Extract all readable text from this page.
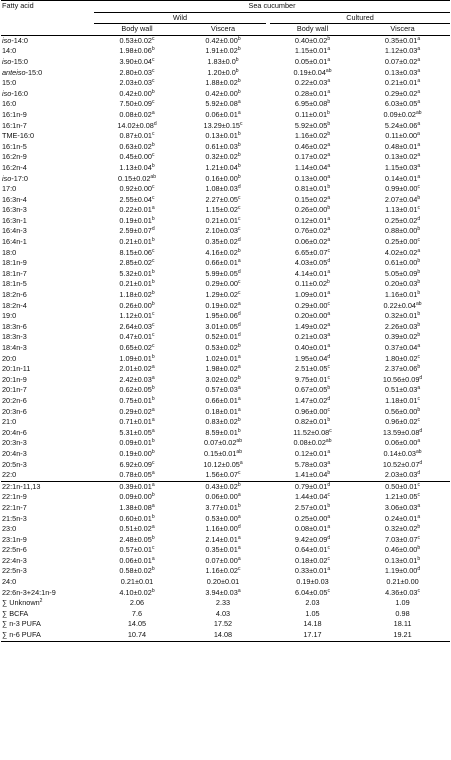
Fatty acid	Sea cucumber				
	Wild			Cultured	
	Body wall	Viscera		Body wall	Viscera
iso-14:0	0.53±0.02$^c$	0.42±0.00$^b$		0.40±0.02$^b$	0.35±0.01$^a$
14:0	1.98±0.06$^b$	1.91±0.02$^b$		1.15±0.01$^a$	1.12±0.03$^a$
iso-15:0	3.90±0.04$^c$	1.83±0.0$^b$		0.05±0.01$^a$	0.07±0.02$^a$
anteiso-15:0	2.80±0.03$^c$	1.20±0.0$^b$		0.19±0.04$^{ab}$	0.13±0.03$^a$
15:0	2.03±0.03$^c$	1.88±0.02$^b$		0.22±0.03$^a$	0.21±0.01$^a$
iso-16:0	0.42±0.00$^b$	0.42±0.00$^b$		0.28±0.01$^a$	0.29±0.02$^a$
16:0	7.50±0.09$^c$	5.92±0.08$^a$		6.95±0.08$^b$	6.03±0.05$^a$
16:1n-9	0.08±0.02$^a$	0.06±0.01$^a$		0.11±0.01$^b$	0.09±0.02$^{ab}$
16:1n-7	14.02±0.08$^d$	13.29±0.15$^c$		5.92±0.05$^b$	5.24±0.06$^a$
TME-16:0	0.87±0.01$^c$	0.13±0.01$^b$		1.16±0.02$^b$	0.11±0.00$^a$
16:1n-5	0.63±0.02$^b$	0.61±0.03$^b$		0.46±0.02$^a$	0.48±0.01$^a$
16:2n-9	0.45±0.00$^c$	0.32±0.02$^b$		0.17±0.02$^a$	0.13±0.02$^a$
16:2n-4	1.13±0.04$^b$	1.21±0.04$^b$		1.14±0.04$^a$	1.15±0.03$^a$
iso-17:0	0.15±0.02$^{ab}$	0.16±0.00$^b$		0.13±0.00$^a$	0.14±0.01$^a$
17:0	0.92±0.00$^c$	1.08±0.03$^d$		0.81±0.01$^b$	0.99±0.00$^c$
16:3n-4	2.55±0.04$^c$	2.27±0.05$^c$		0.15±0.02$^a$	2.07±0.04$^b$
16:3n-3	0.22±0.01$^a$	1.15±0.02$^c$		0.26±0.00$^b$	1.13±0.01$^c$
16:3n-1	0.19±0.01$^b$	0.21±0.01$^c$		0.12±0.01$^a$	0.25±0.02$^d$
16:4n-3	2.59±0.07$^d$	2.10±0.03$^c$		0.76±0.02$^a$	0.88±0.00$^b$
16:4n-1	0.21±0.01$^b$	0.35±0.02$^d$		0.06±0.02$^a$	0.25±0.00$^c$
18:0	8.15±0.06$^c$	4.16±0.02$^b$		6.65±0.07$^c$	4.02±0.02$^a$
18:1n-9	2.85±0.02$^c$	0.66±0.01$^a$		4.03±0.05$^d$	0.61±0.00$^b$
18:1n-7	5.32±0.01$^b$	5.99±0.05$^d$		4.14±0.01$^a$	5.05±0.09$^b$
18:1n-5	0.21±0.01$^b$	0.29±0.00$^c$		0.11±0.02$^b$	0.20±0.03$^b$
18:2n-6	1.18±0.02$^b$	1.29±0.02$^c$		1.09±0.01$^a$	1.16±0.01$^b$
18:2n-4	0.26±0.00$^b$	0.19±0.02$^a$		0.29±0.00$^c$	0.22±0.04$^{ab}$
19:0	1.12±0.01$^c$	1.95±0.06$^d$		0.20±0.00$^a$	0.32±0.01$^b$
18:3n-6	2.64±0.03$^c$	3.01±0.05$^d$		1.49±0.02$^a$	2.26±0.03$^b$
18:3n-3	0.47±0.01$^c$	0.52±0.01$^d$		0.21±0.03$^a$	0.39±0.02$^b$
18:4n-3	0.65±0.02$^c$	0.53±0.02$^b$		0.40±0.01$^a$	0.37±0.04$^a$
20:0	1.09±0.01$^b$	1.02±0.01$^a$		1.95±0.04$^d$	1.80±0.02$^c$
20:1n-11	2.01±0.02$^a$	1.98±0.02$^a$		2.51±0.05$^c$	2.37±0.06$^b$
20:1n-9	2.42±0.03$^a$	3.02±0.02$^b$		9.75±0.01$^c$	10.56±0.09$^d$
20:1n-7	0.62±0.05$^b$	0.57±0.03$^a$		0.67±0.05$^b$	0.51±0.03$^a$
20:2n-6	0.75±0.01$^b$	0.66±0.01$^a$		1.47±0.02$^d$	1.18±0.01$^c$
20:3n-6	0.29±0.02$^a$	0.18±0.01$^a$		0.96±0.00$^c$	0.56±0.00$^b$
21:0	0.71±0.01$^a$	0.83±0.02$^b$		0.82±0.01$^b$	0.96±0.02$^c$
20:4n-6	5.31±0.05$^a$	8.59±0.01$^b$		11.52±0.08$^c$	13.59±0.08$^d$
20:3n-3	0.09±0.01$^b$	0.07±0.02$^{ab}$		0.08±0.02$^{ab}$	0.06±0.00$^a$
20:4n-3	0.19±0.00$^b$	0.15±0.01$^{ab}$		0.12±0.01$^a$	0.14±0.03$^{ab}$
20:5n-3	6.92±0.09$^c$	10.12±0.05$^a$		5.78±0.03$^a$	10.52±0.07$^d$
22:0	0.78±0.05$^a$	1.56±0.07$^c$		1.41±0.04$^b$	2.03±0.03$^d$
22:1n-11,13	0.39±0.01$^a$	0.43±0.02$^b$		0.79±0.01$^d$	0.50±0.01$^c$
22:1n-9	0.09±0.00$^b$	0.06±0.00$^a$		1.44±0.04$^c$	1.21±0.05$^c$
22:1n-7	1.38±0.08$^a$	3.77±0.01$^b$		2.57±0.01$^b$	3.06±0.03$^a$
21:5n-3	0.60±0.01$^b$	0.53±0.00$^a$		0.25±0.00$^a$	0.24±0.01$^a$
23:0	0.51±0.02$^a$	1.16±0.00$^d$		0.08±0.01$^a$	0.32±0.02$^b$
23:1n-9	2.48±0.05$^b$	2.14±0.01$^a$		9.42±0.09$^d$	7.03±0.07$^c$
22:5n-6	0.57±0.01$^c$	0.35±0.01$^a$		0.64±0.01$^c$	0.46±0.00$^b$
22:4n-3	0.06±0.01$^a$	0.07±0.00$^a$		0.18±0.02$^c$	0.13±0.01$^b$
22:5n-3	0.58±0.02$^b$	1.16±0.02$^c$		0.33±0.01$^a$	1.19±0.00$^d$
24:0	0.21±0.01	0.20±0.01		0.19±0.03	0.21±0.00
22:6n-3+24:1n-9	4.10±0.02$^b$	3.94±0.03$^a$		6.04±0.05$^c$	4.36±0.03$^c$
∑ Unknown$^2$	2.06	2.33		2.03	1.09
∑ BCFA	7.6	4.03		1.05	0.98
∑ n-3 PUFA	14.05	17.52		14.18	18.11
∑ n-6 PUFA	10.74	14.08		17.17	19.21
